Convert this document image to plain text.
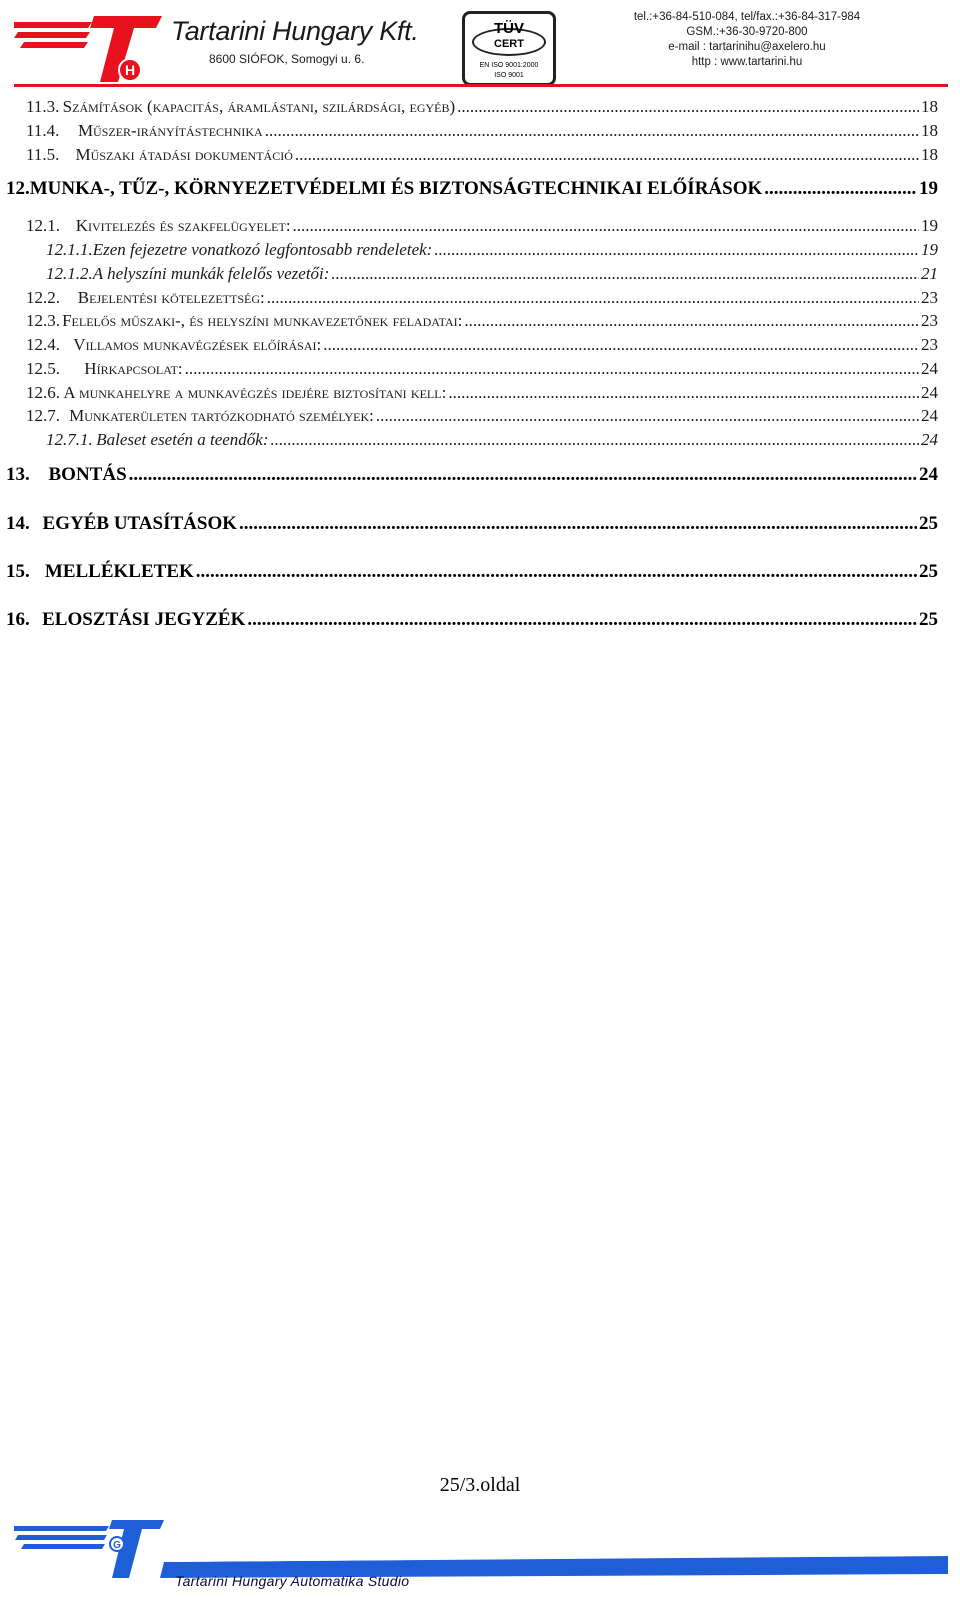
H
Tartarini Hungary Kft.
8600 SIÓFOK, Somogyi u. 6.
TÜV
CERT
EN ISO 9001:2000
ISO 9001
tel.:+36-84-510-084, tel/fax.:+36-84-317-984
GSM.:+36-30-9720-800
e-mail : tartarinihu@axelero.hu
http : www.tartarini.hu
11.3. Számítások (kapacitás, áramlástani, szilárdsági, egyéb) .....	18
11.4.	Műszer-irányítástechnika .....	18
11.5. Műszaki átadási dokumentáció .....	18
12. MUNKA-, TŰZ-, KÖRNYEZETVÉDELMI ÉS BIZTONSÁGTECHNIKAI ELŐÍRÁSOK .....	19
12.1. Kivitelezés és szakfelügyelet: .....	19
12.1.1. Ezen fejezetre vonatkozó legfontosabb rendeletek: .....	19
12.1.2. A helyszíni munkák felelős vezetői: .....	21
12.2.	Bejelentési kötelezettség: .....	23
12.3. Felelős műszaki-, és helyszíni munkavezetőnek feladatai: .....	23
12.4. Villamos munkavégzések előírásai: .....	23
12.5.	Hírkapcsolat: .....	24
12.6. A munkahelyre a munkavégzés idejére biztosítani kell: .....	24
12.7. Munkaterületen tartózkodható személyek: .....	24
12.7.1. Baleset esetén a teendők: .....	24
13. BONTÁS .....	24
14. EGYÉB UTASÍTÁSOK .....	25
15. MELLÉKLETEK .....	25
16. ELOSZTÁSI JEGYZÉK .....	25
25/3.oldal
G
Tartarini Hungary Automatika Studio
